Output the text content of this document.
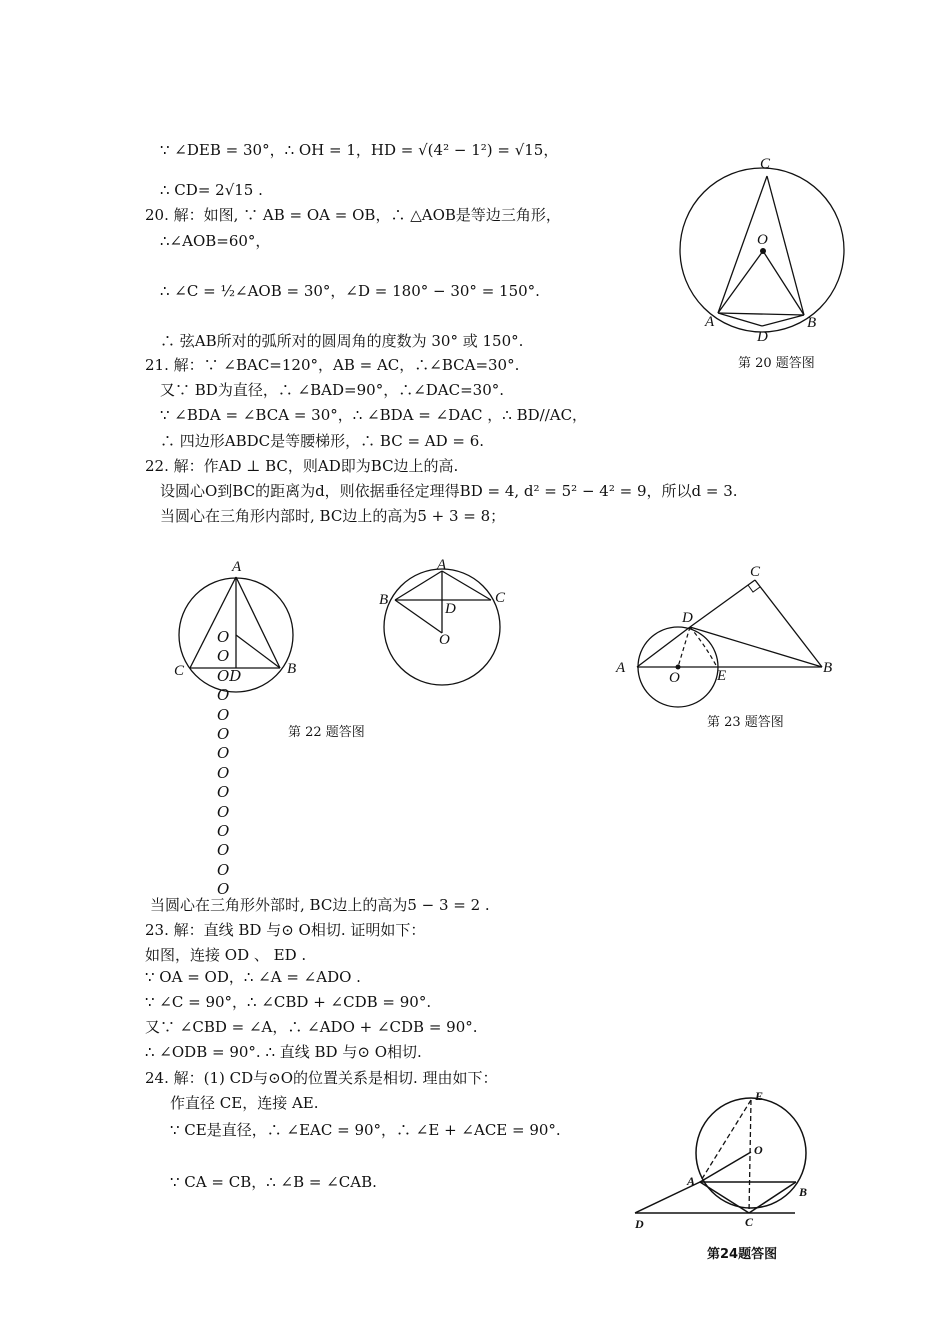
∵ ∠DEB = 30°，∴ OH = 1，HD = √(4² − 1²) = √15，
∴ CD= 2√15 .
20. 解：如图, ∵ AB = OA = OB，∴ △AOB是等边三角形，
∴∠AOB=60°，
∴ ∠C = ½∠AOB = 30°，∠D = 180° − 30° = 150°.
∴ 弦AB所对的弧所对的圆周角的度数为 30° 或 150°.
21. 解：∵ ∠BAC=120°，AB = AC，∴∠BCA=30°.
又∵ BD为直径，∴ ∠BAD=90°，∴∠DAC=30°.
∵ ∠BDA = ∠BCA = 30°，∴ ∠BDA = ∠DAC ，∴ BD//AC，
∴ 四边形ABDC是等腰梯形，∴ BC = AD = 6.
22. 解：作AD ⊥ BC，则AD即为BC边上的高.
设圆心O到BC的距离为d，则依据垂径定理得BD = 4, d² = 5² − 4² = 9，所以d = 3.
当圆心在三角形内部时, BC边上的高为5 + 3 = 8；
当圆心在三角形外部时, BC边上的高为5 − 3 = 2 .
23. 解：直线 BD 与⊙ O相切. 证明如下：
如图，连接 OD 、 ED .
∵ OA = OD，∴ ∠A = ∠ADO .
∵ ∠C = 90°，∴ ∠CBD + ∠CDB = 90°.
又∵ ∠CBD = ∠A，∴ ∠ADO + ∠CDB = 90°.
∴ ∠ODB = 90°. ∴ 直线 BD 与⊙ O相切.
24. 解：(1) CD与⊙O的位置关系是相切. 理由如下：
作直径 CE，连接 AE.
∵ CE是直径，∴ ∠EAC = 90°，∴ ∠E + ∠ACE = 90°.
∵ CA = CB，∴ ∠B = ∠CAB.
O
O
OD
O
O
O
O
O
O
O
O
O
O
O
C
O
A	B
D
第 20 题答图
A
C	B
A
B	C
D
O
第 22 题答图
C
D
A
O E	B
第 23 题答图
E
O
A
B
D	C
第24题答图
